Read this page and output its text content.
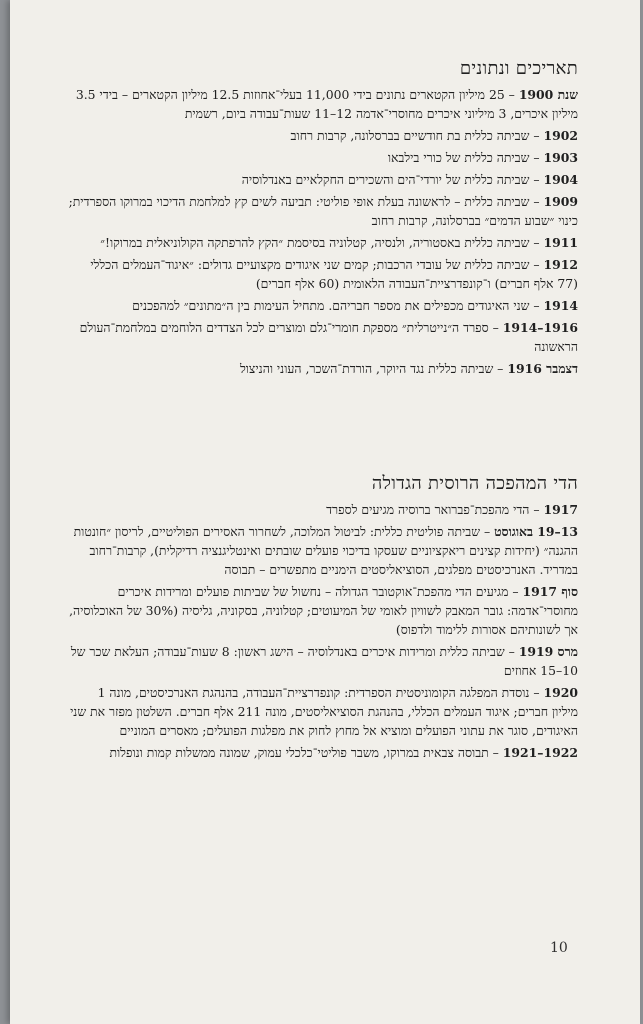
תאריכים ונתונים

שנת 1900 – 25 מיליון הקטארים נתונים בידי 11,000 בעלי־אחוזות 12.5 מיליון הקטארים – בידי 3.5 מיליון איכרים, 3 מיליוני איכרים מחוסרי־אדמה 12–11 שעות־עבודה ביום, רשמית

1902 – שביתה כללית בת חודשיים בברסלונה, קרבות רחוב

1903 – שביתה כללית של כורי בילבאו

1904 – שביתה כללית של יורדי־הים והשכירים החקלאיים באנדלוסיה

1909 – שביתה כללית – לראשונה בעלת אופי פוליטי: תביעה לשים קץ למלחמת הדיכוי במרוקו הספרדית; כינוי ״שבוע הדמים״ בברסלונה, קרבות רחוב

1911 – שביתה כללית באסטוריה, ולנסיה, קטלוניה בסיסמת ״הקץ להרפתקה הקולוניאלית במרוקו!״

1912 – שביתה כללית של עובדי הרכבות; קמים שני איגודים מקצועיים גדולים: ״איגוד־העמלים הכללי (77 אלף חברים) ו־קונפדרציית־העבודה הלאומית (60 אלף חברים)

1914 – שני האיגודים מכפילים את מספר חבריהם. מתחיל העימות בין ה״מתונים״ למהפכנים

1916–1914 – ספרד ה״נייטרלית״ מספקת חומרי־גלם ומוצרים לכל הצדדים הלוחמים במלחמת־העולם הראשונה

דצמבר 1916 – שביתה כללית נגד היוקר, הורדת־השכר, העוני והניצול

הדי המהפכה הרוסית הגדולה

1917 – הדי מהפכת־פברואר ברוסיה מגיעים לספרד

13–19 באוגוסט – שביתה פוליטית כללית: לביטול המלוכה, לשחרור האסירים הפוליטיים, לריסון ״חונטות ההגנה״ (יחידות קצינים ריאקציוניים שעסקו בדיכוי פועלים שובתים ואינטליגנציה רדיקלית), קרבות־רחוב במדריד. האנרכיסטים מפלגים, הסוציאליסטים הימניים מתפשרים – תבוסה

סוף 1917 – מגיעים הדי מהפכת־אוקטובר הגדולה – נחשול של שביתות פועלים ומרידות איכרים מחוסרי־אדמה: גובר המאבק לשוויון לאומי של המיעוטים; קטלוניה, בסקוניה, גליסיה (30% של האוכלוסיה, אך לשונותיהם אסורות ללימוד ולדפוס)

מרס 1919 – שביתה כללית ומרידות איכרים באנדלוסיה – הישג ראשון: 8 שעות־עבודה; העלאת שכר של 10–15 אחוזים

1920 – נוסדת המפלגה הקומוניסטית הספרדית: קונפדרציית־העבודה, בהנהגת האנרכיסטים, מונה 1 מיליון חברים; איגוד העמלים הכללי, בהנהגת הסוציאליסטים, מונה 211 אלף חברים. השלטון מפזר את שני האיגודים, סוגר את עתוני הפועלים ומוציא אל מחוץ לחוק את מפלגות הפועלים; מאסרים המוניים

1922–1921 – תבוסה צבאית במרוקו, משבר פוליטי־כלכלי עמוק, שמונה ממשלות קמות ונופלות

10
